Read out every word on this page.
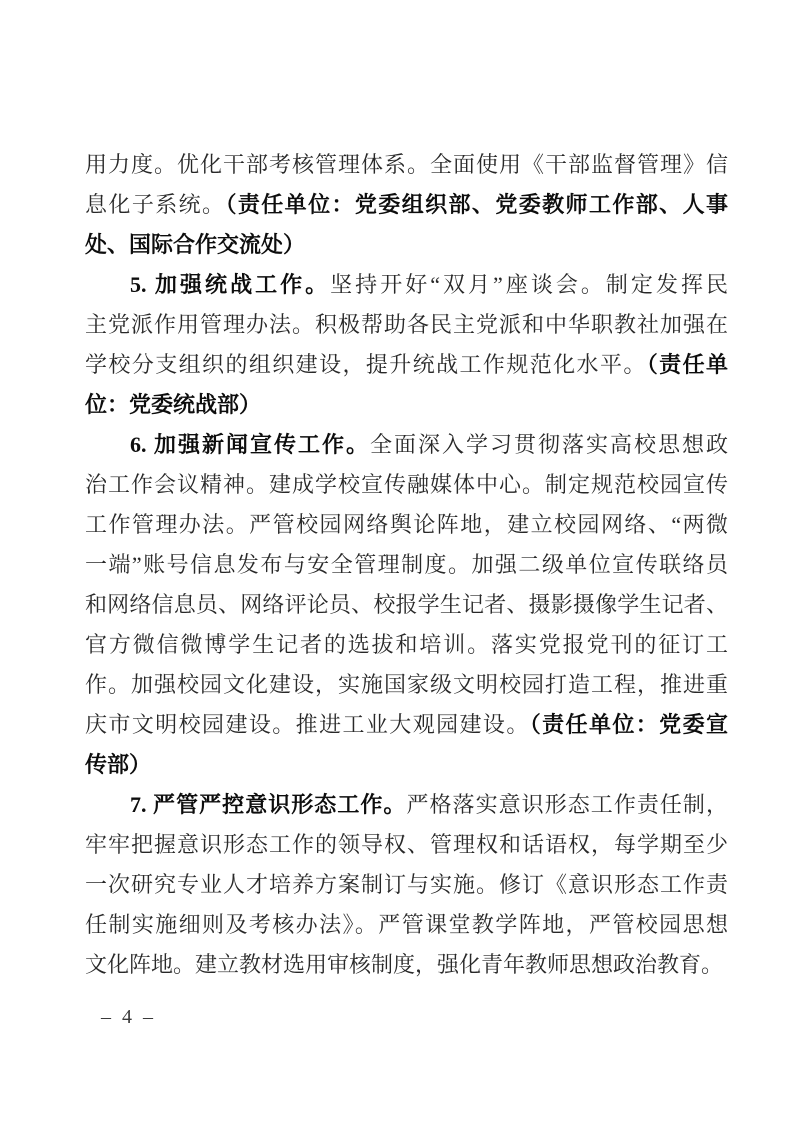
用力度。优化干部考核管理体系。全面使用《干部监督管理》信
息化子系统。（责任单位：党委组织部、党委教师工作部、人事
处、国际合作交流处）
5. 加强统战工作。坚持开好“双月”座谈会。制定发挥民
主党派作用管理办法。积极帮助各民主党派和中华职教社加强在
学校分支组织的组织建设，提升统战工作规范化水平。（责任单
位：党委统战部）
6. 加强新闻宣传工作。全面深入学习贯彻落实高校思想政
治工作会议精神。建成学校宣传融媒体中心。制定规范校园宣传
工作管理办法。严管校园网络舆论阵地，建立校园网络、“两微
一端”账号信息发布与安全管理制度。加强二级单位宣传联络员
和网络信息员、网络评论员、校报学生记者、摄影摄像学生记者、
官方微信微博学生记者的选拔和培训。落实党报党刊的征订工
作。加强校园文化建设，实施国家级文明校园打造工程，推进重
庆市文明校园建设。推进工业大观园建设。（责任单位：党委宣
传部）
7. 严管严控意识形态工作。严格落实意识形态工作责任制，
牢牢把握意识形态工作的领导权、管理权和话语权，每学期至少
一次研究专业人才培养方案制订与实施。修订《意识形态工作责
任制实施细则及考核办法》。严管课堂教学阵地，严管校园思想
文化阵地。建立教材选用审核制度，强化青年教师思想政治教育。
– 4 –
